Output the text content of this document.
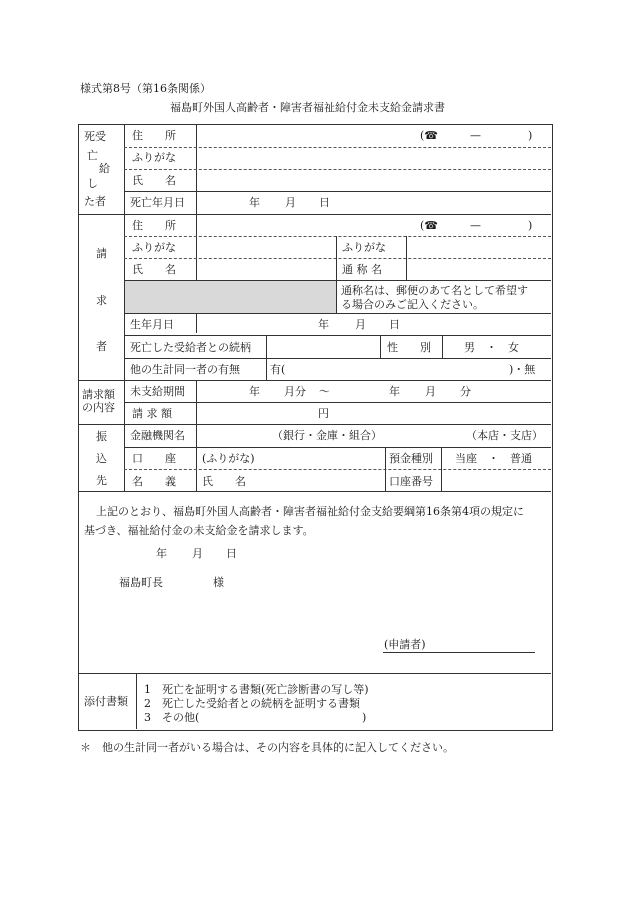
様式第8号（第16条関係）
福島町外国人高齢者・障害者福祉給付金未支給金請求書
死受
亡
給
し
た者
住　　所	(☎	—	)
ふりがな
氏　　名
死亡年月日	年 月 日
請
求
者
住　　所	(☎	—	)
ふりがな	ふりがな
氏　　名	通 称 名
通称名は、郵便のあて名として希望す
る場合のみご記入ください。
生年月日	年 月 日
死亡した受給者との続柄	性　　別	男　・　女
他の生計同一者の有無	有(	)・無
請求額
の内容
未支給期間	年 月分 ～	年 月 分
請 求 額	円
振
込
先
金融機関名	（銀行・金庫・組合）	（本店・支店）
口　　座 (ふりがな)	預金種別 当座　・　普通
名　　義 氏　　名	口座番号
上記のとおり、福島町外国人高齢者・障害者福祉給付金支給要綱第16条第4項の規定に
基づき、福祉給付金の未支給金を請求します。
年 月 日
福島町長	様
(申請者)
添付書類
1　死亡を証明する書類(死亡診断書の写し等)
2　死亡した受給者との続柄を証明する書類
3　その他(	)
＊　他の生計同一者がいる場合は、その内容を具体的に記入してください。
